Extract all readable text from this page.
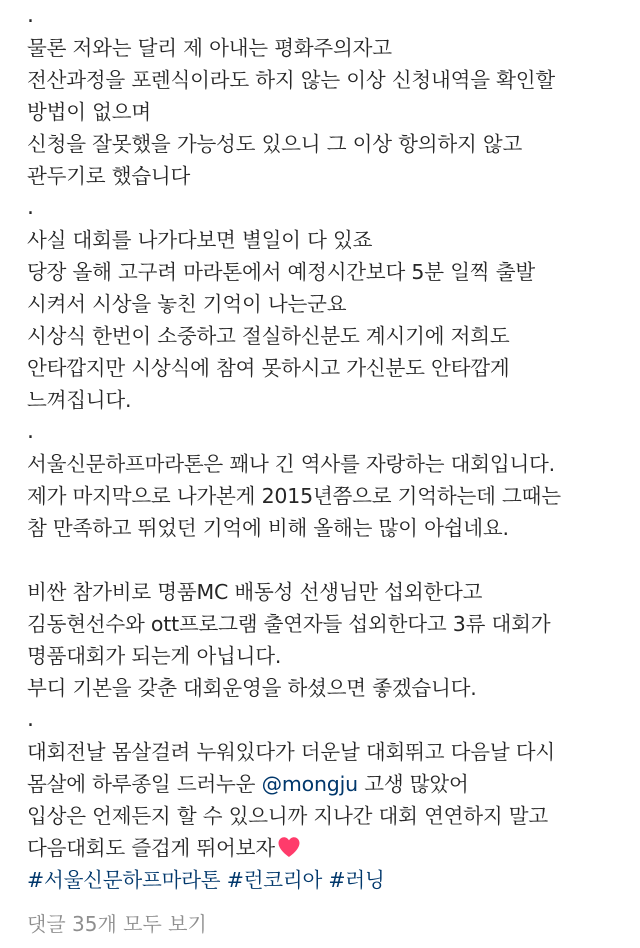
.
물론 저와는 달리 제 아내는 평화주의자고
전산과정을 포렌식이라도 하지 않는 이상 신청내역을 확인할
방법이 없으며
신청을 잘못했을 가능성도 있으니 그 이상 항의하지 않고
관두기로 했습니다
.
사실 대회를 나가다보면 별일이 다 있죠
당장 올해 고구려 마라톤에서 예정시간보다 5분 일찍 출발
시켜서 시상을 놓친 기억이 나는군요
시상식 한번이 소중하고 절실하신분도 계시기에 저희도
안타깝지만 시상식에 참여 못하시고 가신분도 안타깝게
느껴집니다.
.
서울신문하프마라톤은 꽤나 긴 역사를 자랑하는 대회입니다.
제가 마지막으로 나가본게 2015년쯤으로 기억하는데 그때는
참 만족하고 뛰었던 기억에 비해 올해는 많이 아쉽네요.
비싼 참가비로 명품MC 배동성 선생님만 섭외한다고
김동현선수와 ott프로그램 출연자들 섭외한다고 3류 대회가
명품대회가 되는게 아닙니다.
부디 기본을 갖춘 대회운영을 하셨으면 좋겠습니다.
.
대회전날 몸살걸려 누워있다가 더운날 대회뛰고 다음날 다시
몸살에 하루종일 드러누운 @mongju 고생 많았어
입상은 언제든지 할 수 있으니까 지나간 대회 연연하지 말고
다음대회도 즐겁게 뛰어보자
#서울신문하프마라톤 #런코리아 #러닝
댓글 35개 모두 보기
